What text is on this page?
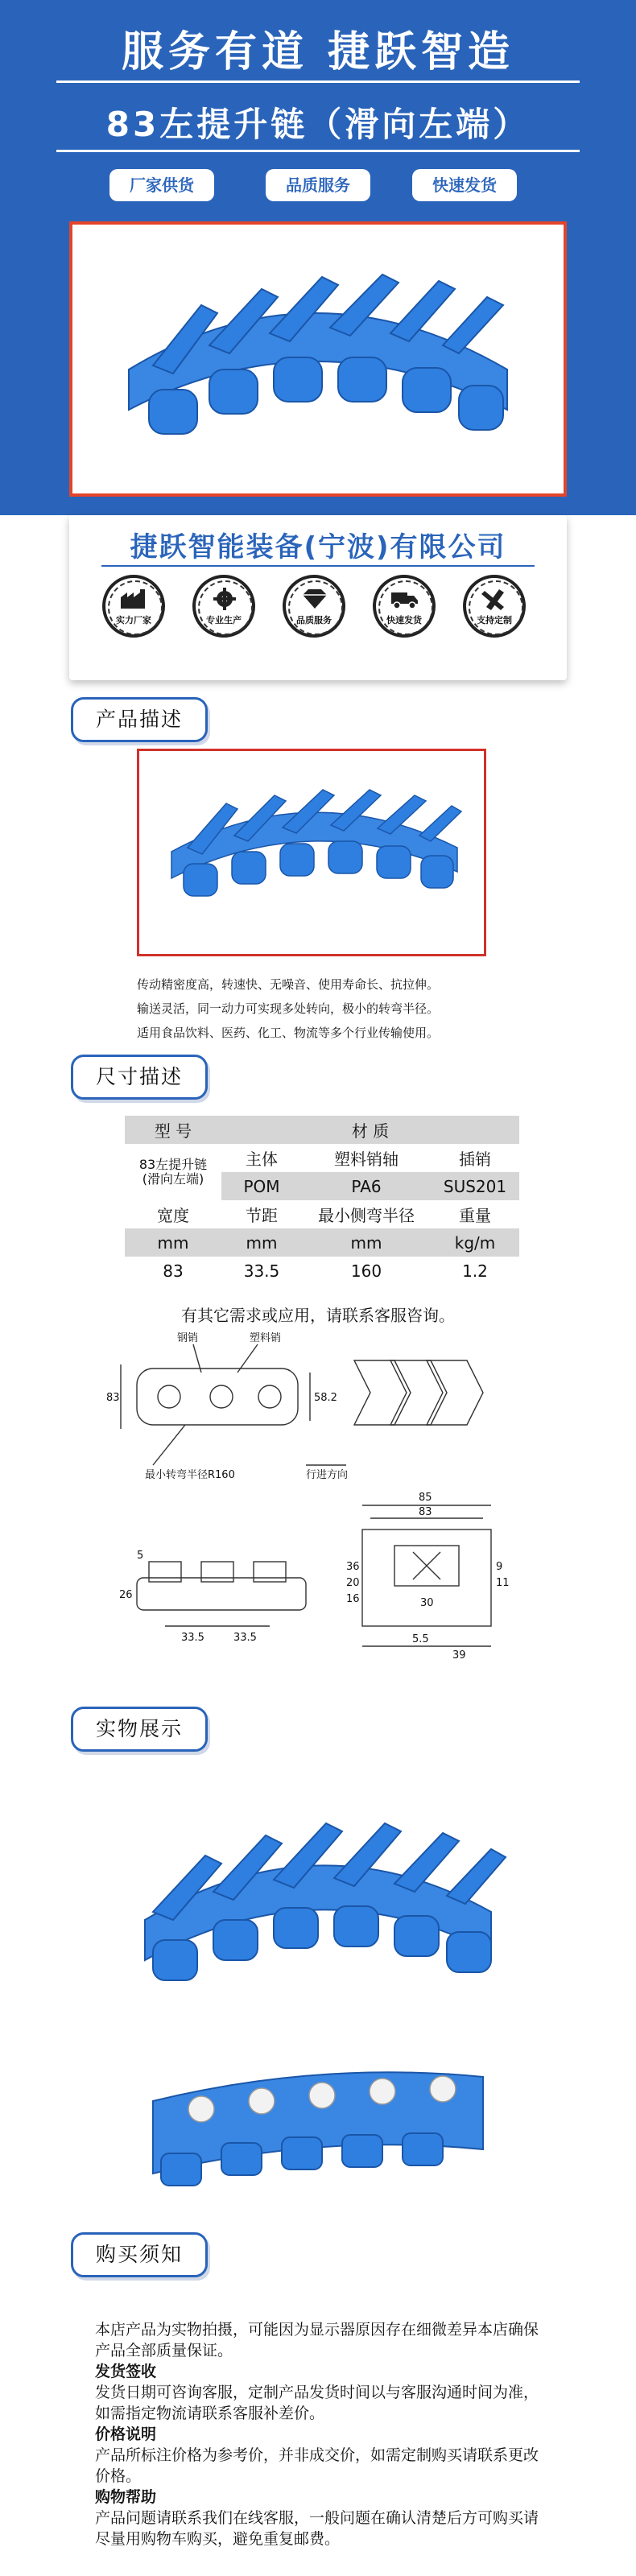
服务有道 捷跃智造
83左提升链（滑向左端）
厂家供货	品质服务	快速发货
捷跃智能装备(宁波)有限公司
实力厂家	专业生产	品质服务	快速发货	支持定制
产品描述
传动精密度高，转速快、无噪音、使用寿命长、抗拉伸。
输送灵活，同一动力可实现多处转向，极小的转弯半径。
适用食品饮料、医药、化工、物流等多个行业传输使用。
尺寸描述
型 号	材 质		
83左提升链
(滑向左端)	主体	塑料销轴	插销
	POM	PA6	SUS201
宽度	节距	最小侧弯半径	重量
mm	mm	mm	kg/m
83	33.5	160	1.2
有其它需求或应用，请联系客服咨询。
钢销	塑料销
最小转弯半径R160	行进方向
83	58.2
85
83
5
26
33.5	33.5
36
20
16	30
5.5
39
9
11
实物展示
购买须知
本店产品为实物拍摄，可能因为显示器原因存在细微差异本店确保产品全部质量保证。
发货签收
发货日期可咨询客服，定制产品发货时间以与客服沟通时间为准，如需指定物流请联系客服补差价。
价格说明
产品所标注价格为参考价，并非成交价，如需定制购买请联系更改价格。
购物帮助
产品问题请联系我们在线客服，一般问题在确认清楚后方可购买请尽量用购物车购买，避免重复邮费。
